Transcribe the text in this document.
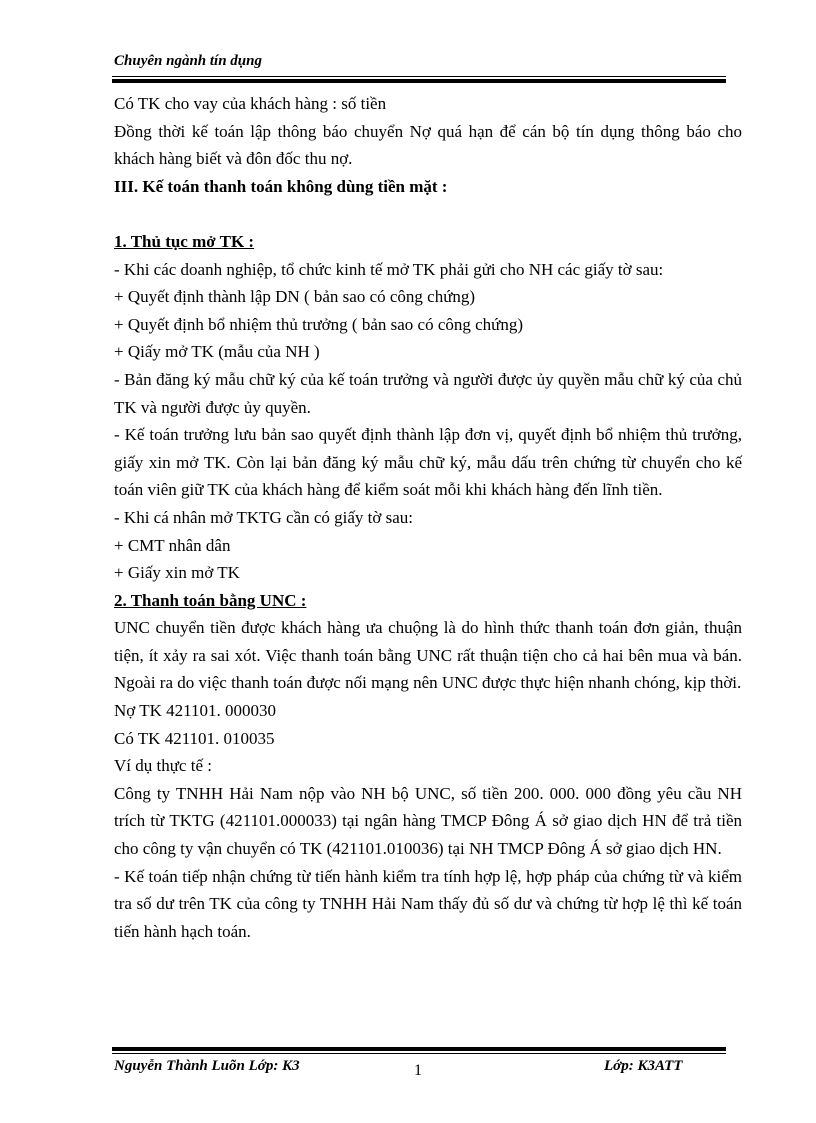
Chuyên ngành tín dụng

Có TK cho vay của khách hàng : số tiền

Đồng thời kế toán lập thông báo chuyển Nợ quá hạn để cán bộ tín dụng thông báo cho khách hàng biết và đôn đốc thu nợ.

III. Kế toán thanh toán không dùng tiền mặt :

1. Thủ tục mở TK :

- Khi các doanh nghiệp, tổ chức kinh tế mở TK phải gửi cho NH các giấy tờ sau:

+ Quyết định thành lập DN ( bản sao có công chứng)

+ Quyết định bổ nhiệm thủ trưởng ( bản sao có công chứng)

+ Qiấy mở TK (mẫu của NH )

- Bản đăng ký mẫu chữ ký của kế toán trưởng và người được ủy quyền mẫu chữ ký của chủ TK và người được ủy quyền.

- Kế toán trưởng lưu bản sao quyết định thành lập đơn vị, quyết định bổ nhiệm thủ trưởng, giấy xin mở TK. Còn lại bản đăng ký mẫu chữ ký, mẫu dấu trên chứng từ chuyển cho kế toán viên giữ TK của khách hàng để kiểm soát mỗi khi khách hàng đến lĩnh tiền.

- Khi cá nhân mở TKTG cần có giấy tờ sau:

+ CMT nhân dân

+ Giấy xin mở TK

2. Thanh toán bằng UNC :

UNC chuyển tiền được khách hàng ưa chuộng là do hình thức thanh toán đơn giản, thuận tiện, ít xảy ra sai xót. Việc thanh toán bằng UNC rất thuận tiện cho cả hai bên mua và bán. Ngoài ra do việc thanh toán được nối mạng nên UNC được thực hiện nhanh chóng, kịp thời.

Nợ TK 421101. 000030

Có TK 421101. 010035

Ví dụ thực tế :

Công ty TNHH Hải Nam nộp vào NH bộ UNC, số tiền 200. 000. 000 đồng yêu cầu NH trích từ TKTG (421101.000033) tại ngân hàng TMCP Đông Á sở giao dịch HN để trả tiền cho công ty vận chuyển có TK (421101.010036) tại NH TMCP Đông Á sở giao dịch HN.

- Kế toán tiếp nhận chứng từ tiến hành kiểm tra tính hợp lệ, hợp pháp của chứng từ và kiểm tra số dư trên TK của công ty TNHH Hải Nam thấy đủ số dư và chứng từ hợp lệ thì kế toán tiến hành hạch toán.

Nguyễn Thành Luõn Lớp: K3	1	Lớp: K3ATT
